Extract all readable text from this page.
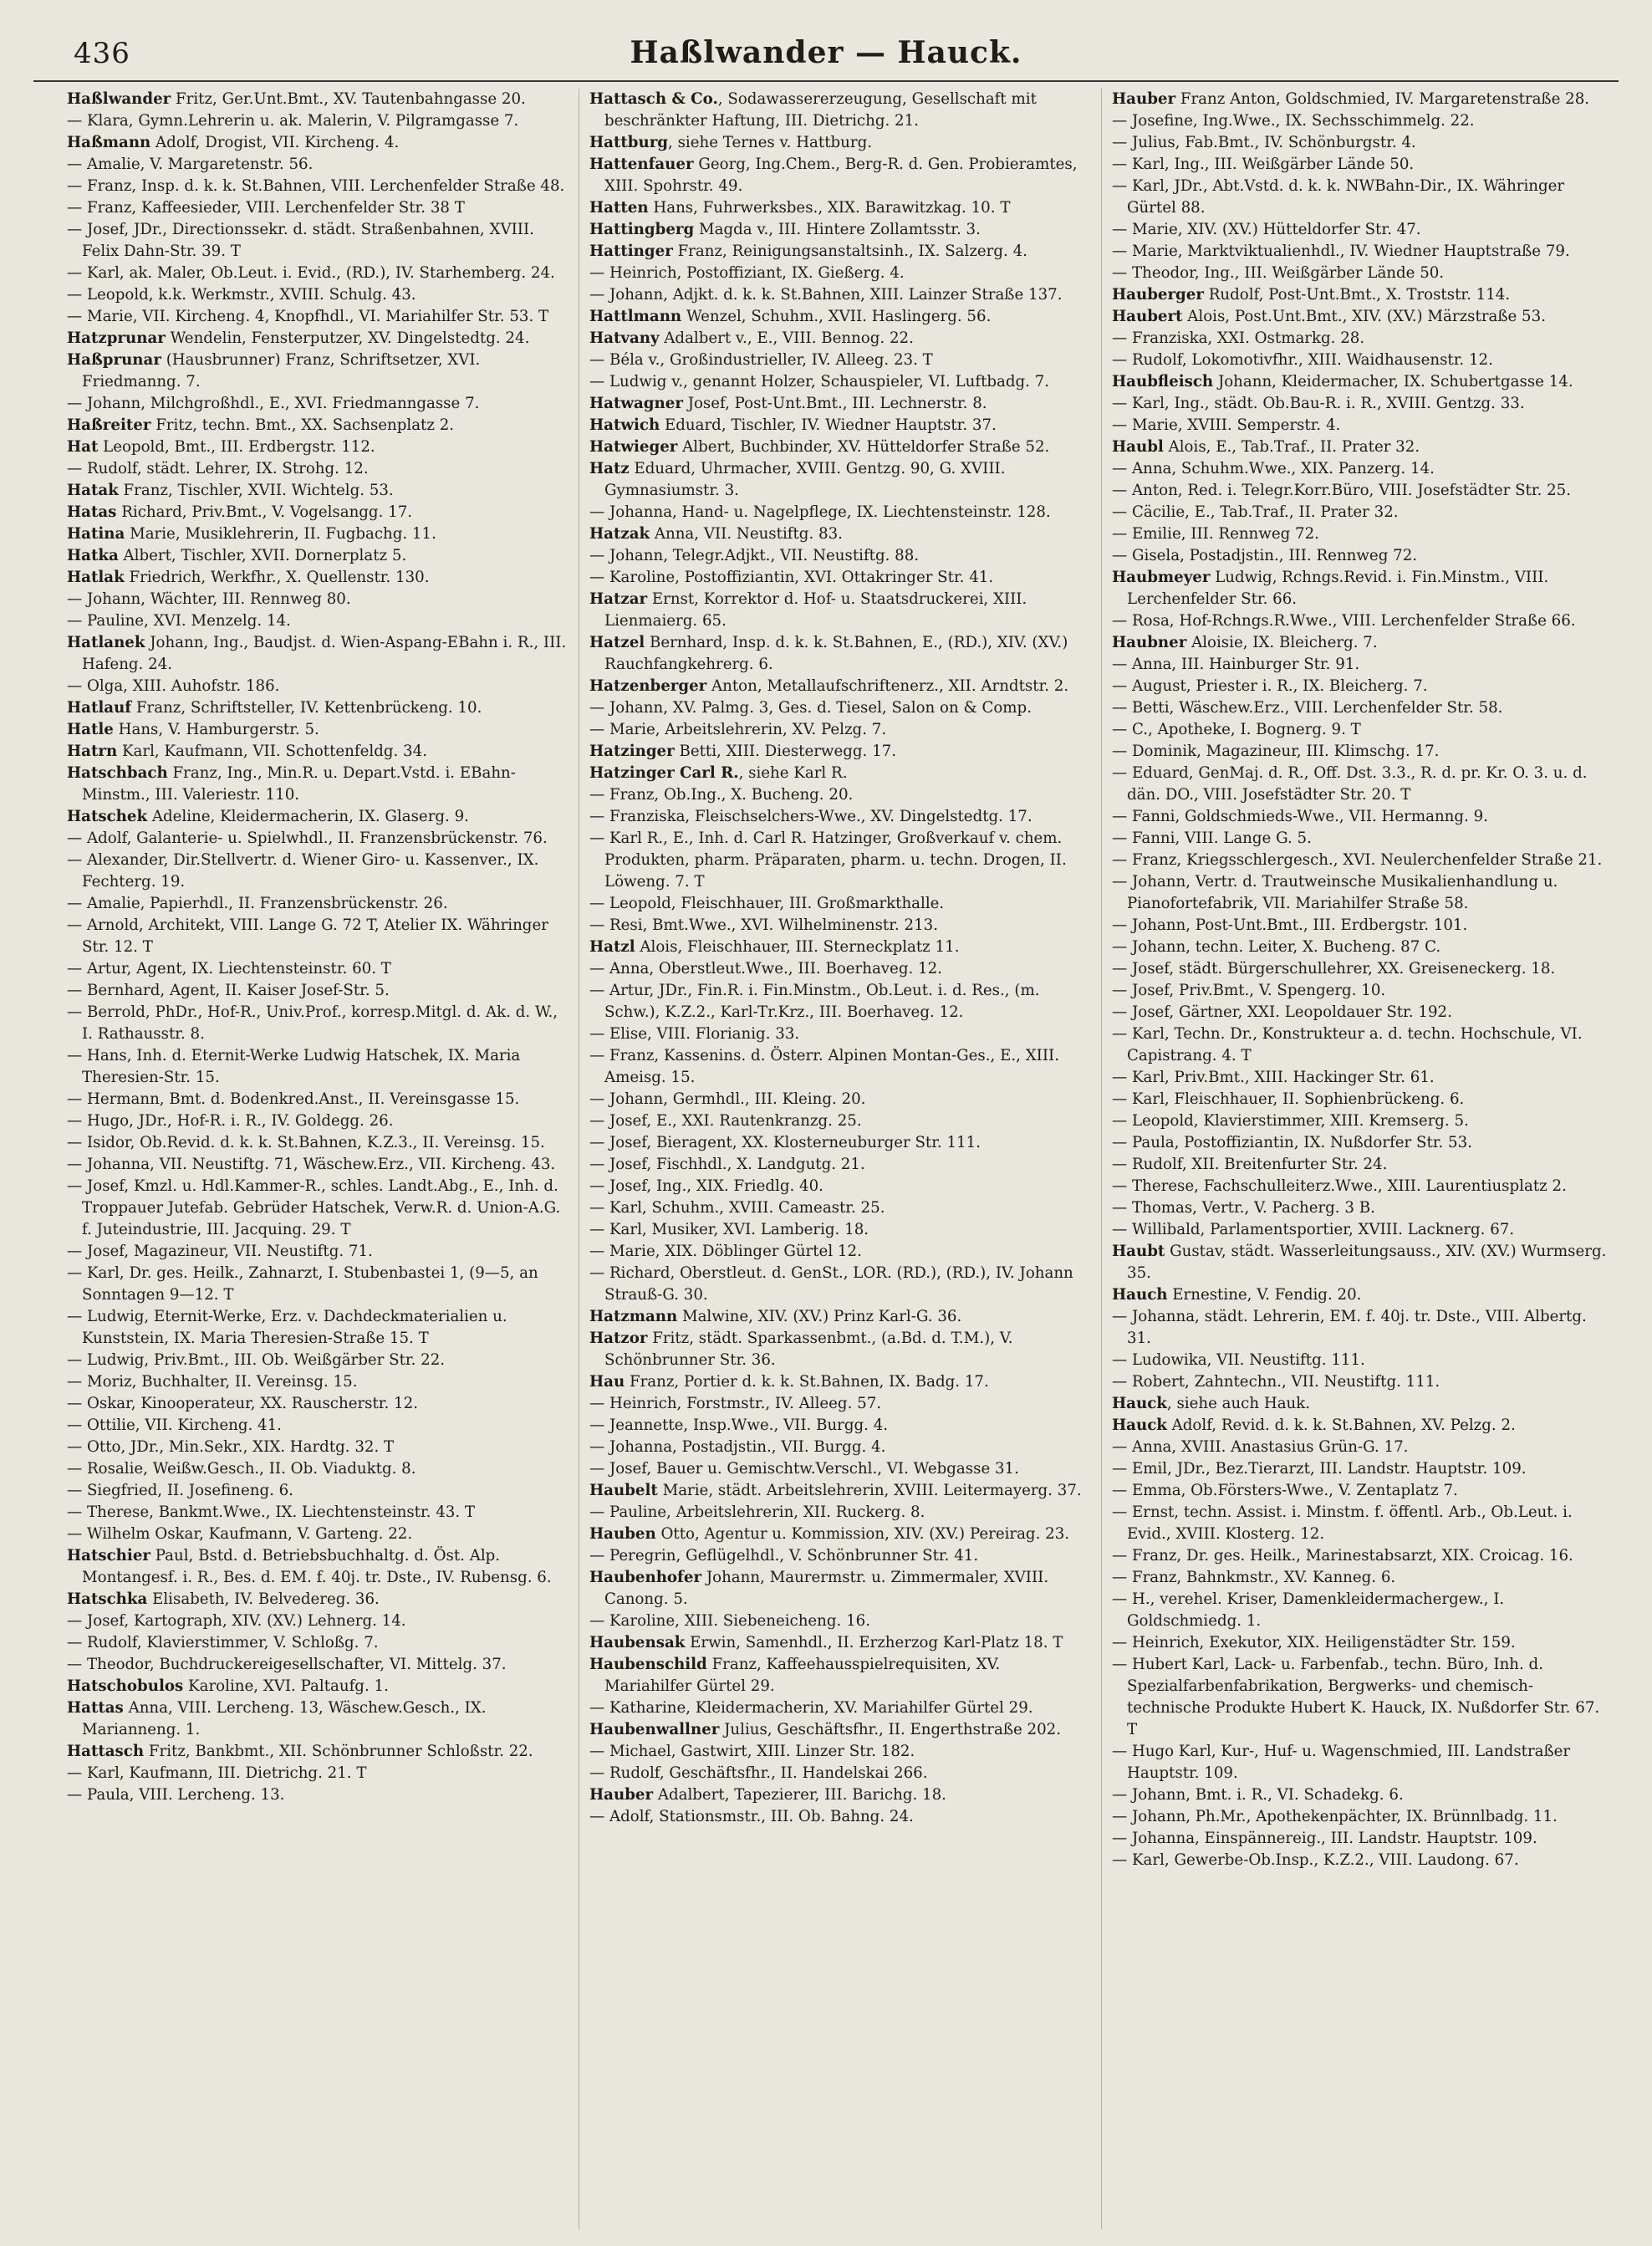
436	Haßlwander — Hauck.

Haßlwander Fritz, Ger.Unt.Bmt., XV. Tautenbahngasse 20.

— Klara, Gymn.Lehrerin u. ak. Malerin, V. Pilgramgasse 7.

Haßmann Adolf, Drogist, VII. Kircheng. 4.

— Amalie, V. Margaretenstr. 56.

— Franz, Insp. d. k. k. St.Bahnen, VIII. Lerchenfelder Straße 48.

— Franz, Kaffeesieder, VIII. Lerchenfelder Str. 38 T

— Josef, JDr., Directionssekr. d. städt. Straßenbahnen, XVIII. Felix Dahn-Str. 39. T

— Karl, ak. Maler, Ob.Leut. i. Evid., (RD.), IV. Starhemberg. 24.

— Leopold, k.k. Werkmstr., XVIII. Schulg. 43.

— Marie, VII. Kircheng. 4, Knopfhdl., VI. Mariahilfer Str. 53. T

Hatzprunar Wendelin, Fensterputzer, XV. Dingelstedtg. 24.

Haßprunar (Hausbrunner) Franz, Schriftsetzer, XVI. Friedmanng. 7.

— Johann, Milchgroßhdl., E., XVI. Friedmanngasse 7.

Haßreiter Fritz, techn. Bmt., XX. Sachsenplatz 2.

Hat Leopold, Bmt., III. Erdbergstr. 112.

— Rudolf, städt. Lehrer, IX. Strohg. 12.

Hatak Franz, Tischler, XVII. Wichtelg. 53.

Hatas Richard, Priv.Bmt., V. Vogelsangg. 17.

Hatina Marie, Musiklehrerin, II. Fugbachg. 11.

Hatka Albert, Tischler, XVII. Dornerplatz 5.

Hatlak Friedrich, Werkfhr., X. Quellenstr. 130.

— Johann, Wächter, III. Rennweg 80.

— Pauline, XVI. Menzelg. 14.

Hatlanek Johann, Ing., Baudjst. d. Wien-Aspang-EBahn i. R., III. Hafeng. 24.

— Olga, XIII. Auhofstr. 186.

Hatlauf Franz, Schriftsteller, IV. Kettenbrückeng. 10.

Hatle Hans, V. Hamburgerstr. 5.

Hatrn Karl, Kaufmann, VII. Schottenfeldg. 34.

Hatschbach Franz, Ing., Min.R. u. Depart.Vstd. i. EBahn-Minstm., III. Valeriestr. 110.

Hatschek Adeline, Kleidermacherin, IX. Glaserg. 9.

— Adolf, Galanterie- u. Spielwhdl., II. Franzensbrückenstr. 76.

— Alexander, Dir.Stellvertr. d. Wiener Giro- u. Kassenver., IX. Fechterg. 19.

— Amalie, Papierhdl., II. Franzensbrückenstr. 26.

— Arnold, Architekt, VIII. Lange G. 72 T, Atelier IX. Währinger Str. 12. T

— Artur, Agent, IX. Liechtensteinstr. 60. T

— Bernhard, Agent, II. Kaiser Josef-Str. 5.

— Berrold, PhDr., Hof-R., Univ.Prof., korresp.Mitgl. d. Ak. d. W., I. Rathausstr. 8.

— Hans, Inh. d. Eternit-Werke Ludwig Hatschek, IX. Maria Theresien-Str. 15.

— Hermann, Bmt. d. Bodenkred.Anst., II. Vereinsgasse 15.

— Hugo, JDr., Hof-R. i. R., IV. Goldegg. 26.

— Isidor, Ob.Revid. d. k. k. St.Bahnen, K.Z.3., II. Vereinsg. 15.

— Johanna, VII. Neustiftg. 71, Wäschew.Erz., VII. Kircheng. 43.

— Josef, Kmzl. u. Hdl.Kammer-R., schles. Landt.Abg., E., Inh. d. Troppauer Jutefab. Gebrüder Hatschek, Verw.R. d. Union-A.G. f. Juteindustrie, III. Jacquing. 29. T

— Josef, Magazineur, VII. Neustiftg. 71.

— Karl, Dr. ges. Heilk., Zahnarzt, I. Stubenbastei 1, (9—5, an Sonntagen 9—12. T

— Ludwig, Eternit-Werke, Erz. v. Dachdeckmaterialien u. Kunststein, IX. Maria Theresien-Straße 15. T

— Ludwig, Priv.Bmt., III. Ob. Weißgärber Str. 22.

— Moriz, Buchhalter, II. Vereinsg. 15.

— Oskar, Kinooperateur, XX. Rauscherstr. 12.

— Ottilie, VII. Kircheng. 41.

— Otto, JDr., Min.Sekr., XIX. Hardtg. 32. T

— Rosalie, Weißw.Gesch., II. Ob. Viaduktg. 8.

— Siegfried, II. Josefineng. 6.

— Therese, Bankmt.Wwe., IX. Liechtensteinstr. 43. T

— Wilhelm Oskar, Kaufmann, V. Garteng. 22.

Hatschier Paul, Bstd. d. Betriebsbuchhaltg. d. Öst. Alp. Montangesf. i. R., Bes. d. EM. f. 40j. tr. Dste., IV. Rubensg. 6.

Hatschka Elisabeth, IV. Belvedereg. 36.

— Josef, Kartograph, XIV. (XV.) Lehnerg. 14.

— Rudolf, Klavierstimmer, V. Schloßg. 7.

— Theodor, Buchdruckereigesellschafter, VI. Mittelg. 37.

Hatschobulos Karoline, XVI. Paltaufg. 1.

Hattas Anna, VIII. Lercheng. 13, Wäschew.Gesch., IX. Marianneng. 1.

Hattasch Fritz, Bankbmt., XII. Schönbrunner Schloßstr. 22.

— Karl, Kaufmann, III. Dietrichg. 21. T

— Paula, VIII. Lercheng. 13.

Hattasch & Co., Sodawassererzeugung, Gesellschaft mit beschränkter Haftung, III. Dietrichg. 21.

Hattburg, siehe Ternes v. Hattburg.

Hattenfauer Georg, Ing.Chem., Berg-R. d. Gen. Probieramtes, XIII. Spohrstr. 49.

Hatten Hans, Fuhrwerksbes., XIX. Barawitzkag. 10. T

Hattingberg Magda v., III. Hintere Zollamtsstr. 3.

Hattinger Franz, Reinigungsanstaltsinh., IX. Salzerg. 4.

— Heinrich, Postoffiziant, IX. Gießerg. 4.

— Johann, Adjkt. d. k. k. St.Bahnen, XIII. Lainzer Straße 137.

Hattlmann Wenzel, Schuhm., XVII. Haslingerg. 56.

Hatvany Adalbert v., E., VIII. Bennog. 22.

— Béla v., Großindustrieller, IV. Alleeg. 23. T

— Ludwig v., genannt Holzer, Schauspieler, VI. Luftbadg. 7.

Hatwagner Josef, Post-Unt.Bmt., III. Lechnerstr. 8.

Hatwich Eduard, Tischler, IV. Wiedner Hauptstr. 37.

Hatwieger Albert, Buchbinder, XV. Hütteldorfer Straße 52.

Hatz Eduard, Uhrmacher, XVIII. Gentzg. 90, G. XVIII. Gymnasiumstr. 3.

— Johanna, Hand- u. Nagelpflege, IX. Liechtensteinstr. 128.

Hatzak Anna, VII. Neustiftg. 83.

— Johann, Telegr.Adjkt., VII. Neustiftg. 88.

— Karoline, Postoffiziantin, XVI. Ottakringer Str. 41.

Hatzar Ernst, Korrektor d. Hof- u. Staatsdruckerei, XIII. Lienmaierg. 65.

Hatzel Bernhard, Insp. d. k. k. St.Bahnen, E., (RD.), XIV. (XV.) Rauchfangkehrerg. 6.

Hatzenberger Anton, Metallaufschriftenerz., XII. Arndtstr. 2.

— Johann, XV. Palmg. 3, Ges. d. Tiesel, Salon on & Comp.

— Marie, Arbeitslehrerin, XV. Pelzg. 7.

Hatzinger Betti, XIII. Diesterwegg. 17.

Hatzinger Carl R., siehe Karl R.

— Franz, Ob.Ing., X. Bucheng. 20.

— Franziska, Fleischselchers-Wwe., XV. Dingelstedtg. 17.

— Karl R., E., Inh. d. Carl R. Hatzinger, Großverkauf v. chem. Produkten, pharm. Präparaten, pharm. u. techn. Drogen, II. Löweng. 7. T

— Leopold, Fleischhauer, III. Großmarkthalle.

— Resi, Bmt.Wwe., XVI. Wilhelminenstr. 213.

Hatzl Alois, Fleischhauer, III. Sterneckplatz 11.

— Anna, Oberstleut.Wwe., III. Boerhaveg. 12.

— Artur, JDr., Fin.R. i. Fin.Minstm., Ob.Leut. i. d. Res., (m. Schw.), K.Z.2., Karl-Tr.Krz., III. Boerhaveg. 12.

— Elise, VIII. Florianig. 33.

— Franz, Kassenins. d. Österr. Alpinen Montan-Ges., E., XIII. Ameisg. 15.

— Johann, Germhdl., III. Kleing. 20.

— Josef, E., XXI. Rautenkranzg. 25.

— Josef, Bieragent, XX. Klosterneuburger Str. 111.

— Josef, Fischhdl., X. Landgutg. 21.

— Josef, Ing., XIX. Friedlg. 40.

— Karl, Schuhm., XVIII. Cameastr. 25.

— Karl, Musiker, XVI. Lamberig. 18.

— Marie, XIX. Döblinger Gürtel 12.

— Richard, Oberstleut. d. GenSt., LOR. (RD.), (RD.), IV. Johann Strauß-G. 30.

Hatzmann Malwine, XIV. (XV.) Prinz Karl-G. 36.

Hatzor Fritz, städt. Sparkassenbmt., (a.Bd. d. T.M.), V. Schönbrunner Str. 36.

Hau Franz, Portier d. k. k. St.Bahnen, IX. Badg. 17.

— Heinrich, Forstmstr., IV. Alleeg. 57.

— Jeannette, Insp.Wwe., VII. Burgg. 4.

— Johanna, Postadjstin., VII. Burgg. 4.

— Josef, Bauer u. Gemischtw.Verschl., VI. Webgasse 31.

Haubelt Marie, städt. Arbeitslehrerin, XVIII. Leitermayerg. 37.

— Pauline, Arbeitslehrerin, XII. Ruckerg. 8.

Hauben Otto, Agentur u. Kommission, XIV. (XV.) Pereirag. 23.

— Peregrin, Geflügelhdl., V. Schönbrunner Str. 41.

Haubenhofer Johann, Maurermstr. u. Zimmermaler, XVIII. Canong. 5.

— Karoline, XIII. Siebeneicheng. 16.

Haubensak Erwin, Samenhdl., II. Erzherzog Karl-Platz 18. T

Haubenschild Franz, Kaffeehausspielrequisiten, XV. Mariahilfer Gürtel 29.

— Katharine, Kleidermacherin, XV. Mariahilfer Gürtel 29.

Haubenwallner Julius, Geschäftsfhr., II. Engerthstraße 202.

— Michael, Gastwirt, XIII. Linzer Str. 182.

— Rudolf, Geschäftsfhr., II. Handelskai 266.

Hauber Adalbert, Tapezierer, III. Barichg. 18.

— Adolf, Stationsmstr., III. Ob. Bahng. 24.

Hauber Franz Anton, Goldschmied, IV. Margaretenstraße 28.

— Josefine, Ing.Wwe., IX. Sechsschimmelg. 22.

— Julius, Fab.Bmt., IV. Schönburgstr. 4.

— Karl, Ing., III. Weißgärber Lände 50.

— Karl, JDr., Abt.Vstd. d. k. k. NWBahn-Dir., IX. Währinger Gürtel 88.

— Marie, XIV. (XV.) Hütteldorfer Str. 47.

— Marie, Marktviktualienhdl., IV. Wiedner Hauptstraße 79.

— Theodor, Ing., III. Weißgärber Lände 50.

Hauberger Rudolf, Post-Unt.Bmt., X. Troststr. 114.

Haubert Alois, Post.Unt.Bmt., XIV. (XV.) Märzstraße 53.

— Franziska, XXI. Ostmarkg. 28.

— Rudolf, Lokomotivfhr., XIII. Waidhausenstr. 12.

Haubfleisch Johann, Kleidermacher, IX. Schubertgasse 14.

— Karl, Ing., städt. Ob.Bau-R. i. R., XVIII. Gentzg. 33.

— Marie, XVIII. Semperstr. 4.

Haubl Alois, E., Tab.Traf., II. Prater 32.

— Anna, Schuhm.Wwe., XIX. Panzerg. 14.

— Anton, Red. i. Telegr.Korr.Büro, VIII. Josefstädter Str. 25.

— Cäcilie, E., Tab.Traf., II. Prater 32.

— Emilie, III. Rennweg 72.

— Gisela, Postadjstin., III. Rennweg 72.

Haubmeyer Ludwig, Rchngs.Revid. i. Fin.Minstm., VIII. Lerchenfelder Str. 66.

— Rosa, Hof-Rchngs.R.Wwe., VIII. Lerchenfelder Straße 66.

Haubner Aloisie, IX. Bleicherg. 7.

— Anna, III. Hainburger Str. 91.

— August, Priester i. R., IX. Bleicherg. 7.

— Betti, Wäschew.Erz., VIII. Lerchenfelder Str. 58.

— C., Apotheke, I. Bognerg. 9. T

— Dominik, Magazineur, III. Klimschg. 17.

— Eduard, GenMaj. d. R., Off. Dst. 3.3., R. d. pr. Kr. O. 3. u. d. dän. DO., VIII. Josefstädter Str. 20. T

— Fanni, Goldschmieds-Wwe., VII. Hermanng. 9.

— Fanni, VIII. Lange G. 5.

— Franz, Kriegsschlergesch., XVI. Neulerchenfelder Straße 21.

— Johann, Vertr. d. Trautweinsche Musikalienhandlung u. Pianofortefabrik, VII. Mariahilfer Straße 58.

— Johann, Post-Unt.Bmt., III. Erdbergstr. 101.

— Johann, techn. Leiter, X. Bucheng. 87 C.

— Josef, städt. Bürgerschullehrer, XX. Greiseneckerg. 18.

— Josef, Priv.Bmt., V. Spengerg. 10.

— Josef, Gärtner, XXI. Leopoldauer Str. 192.

— Karl, Techn. Dr., Konstrukteur a. d. techn. Hochschule, VI. Capistrang. 4. T

— Karl, Priv.Bmt., XIII. Hackinger Str. 61.

— Karl, Fleischhauer, II. Sophienbrückeng. 6.

— Leopold, Klavierstimmer, XIII. Kremserg. 5.

— Paula, Postoffiziantin, IX. Nußdorfer Str. 53.

— Rudolf, XII. Breitenfurter Str. 24.

— Therese, Fachschulleiterz.Wwe., XIII. Laurentiusplatz 2.

— Thomas, Vertr., V. Pacherg. 3 B.

— Willibald, Parlamentsportier, XVIII. Lacknerg. 67.

Haubt Gustav, städt. Wasserleitungsauss., XIV. (XV.) Wurmserg. 35.

Hauch Ernestine, V. Fendig. 20.

— Johanna, städt. Lehrerin, EM. f. 40j. tr. Dste., VIII. Albertg. 31.

— Ludowika, VII. Neustiftg. 111.

— Robert, Zahntechn., VII. Neustiftg. 111.

Hauck, siehe auch Hauk.

Hauck Adolf, Revid. d. k. k. St.Bahnen, XV. Pelzg. 2.

— Anna, XVIII. Anastasius Grün-G. 17.

— Emil, JDr., Bez.Tierarzt, III. Landstr. Hauptstr. 109.

— Emma, Ob.Försters-Wwe., V. Zentaplatz 7.

— Ernst, techn. Assist. i. Minstm. f. öffentl. Arb., Ob.Leut. i. Evid., XVIII. Klosterg. 12.

— Franz, Dr. ges. Heilk., Marinestabsarzt, XIX. Croicag. 16.

— Franz, Bahnkmstr., XV. Kanneg. 6.

— H., verehel. Kriser, Damenkleidermachergew., I. Goldschmiedg. 1.

— Heinrich, Exekutor, XIX. Heiligenstädter Str. 159.

— Hubert Karl, Lack- u. Farbenfab., techn. Büro, Inh. d. Spezialfarbenfabrikation, Bergwerks- und chemisch-technische Produkte Hubert K. Hauck, IX. Nußdorfer Str. 67. T

— Hugo Karl, Kur-, Huf- u. Wagenschmied, III. Landstraßer Hauptstr. 109.

— Johann, Bmt. i. R., VI. Schadekg. 6.

— Johann, Ph.Mr., Apothekenpächter, IX. Brünnlbadg. 11.

— Johanna, Einspännereig., III. Landstr. Hauptstr. 109.

— Karl, Gewerbe-Ob.Insp., K.Z.2., VIII. Laudong. 67.
